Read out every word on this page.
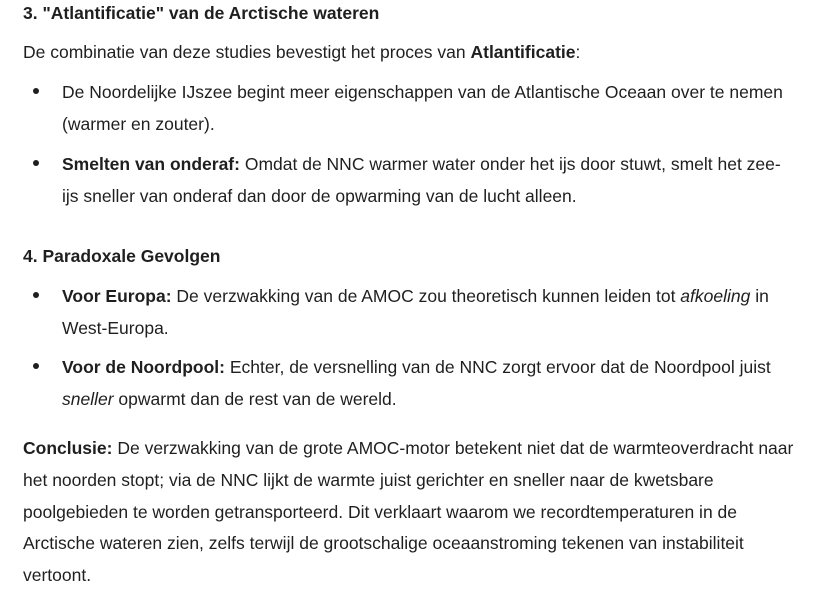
3. "Atlantificatie" van de Arctische wateren

De combinatie van deze studies bevestigt het proces van Atlantificatie:

De Noordelijke IJszee begint meer eigenschappen van de Atlantische Oceaan over te nemen (warmer en zouter).
Smelten van onderaf: Omdat de NNC warmer water onder het ijs door stuwt, smelt het zee-ijs sneller van onderaf dan door de opwarming van de lucht alleen.
4. Paradoxale Gevolgen
Voor Europa: De verzwakking van de AMOC zou theoretisch kunnen leiden tot afkoeling in West-Europa.
Voor de Noordpool: Echter, de versnelling van de NNC zorgt ervoor dat de Noordpool juist sneller opwarmt dan de rest van de wereld.

Conclusie: De verzwakking van de grote AMOC-motor betekent niet dat de warmteoverdracht naar het noorden stopt; via de NNC lijkt de warmte juist gerichter en sneller naar de kwetsbare poolgebieden te worden getransporteerd. Dit verklaart waarom we recordtemperaturen in de Arctische wateren zien, zelfs terwijl de grootschalige oceaanstroming tekenen van instabiliteit vertoont.
